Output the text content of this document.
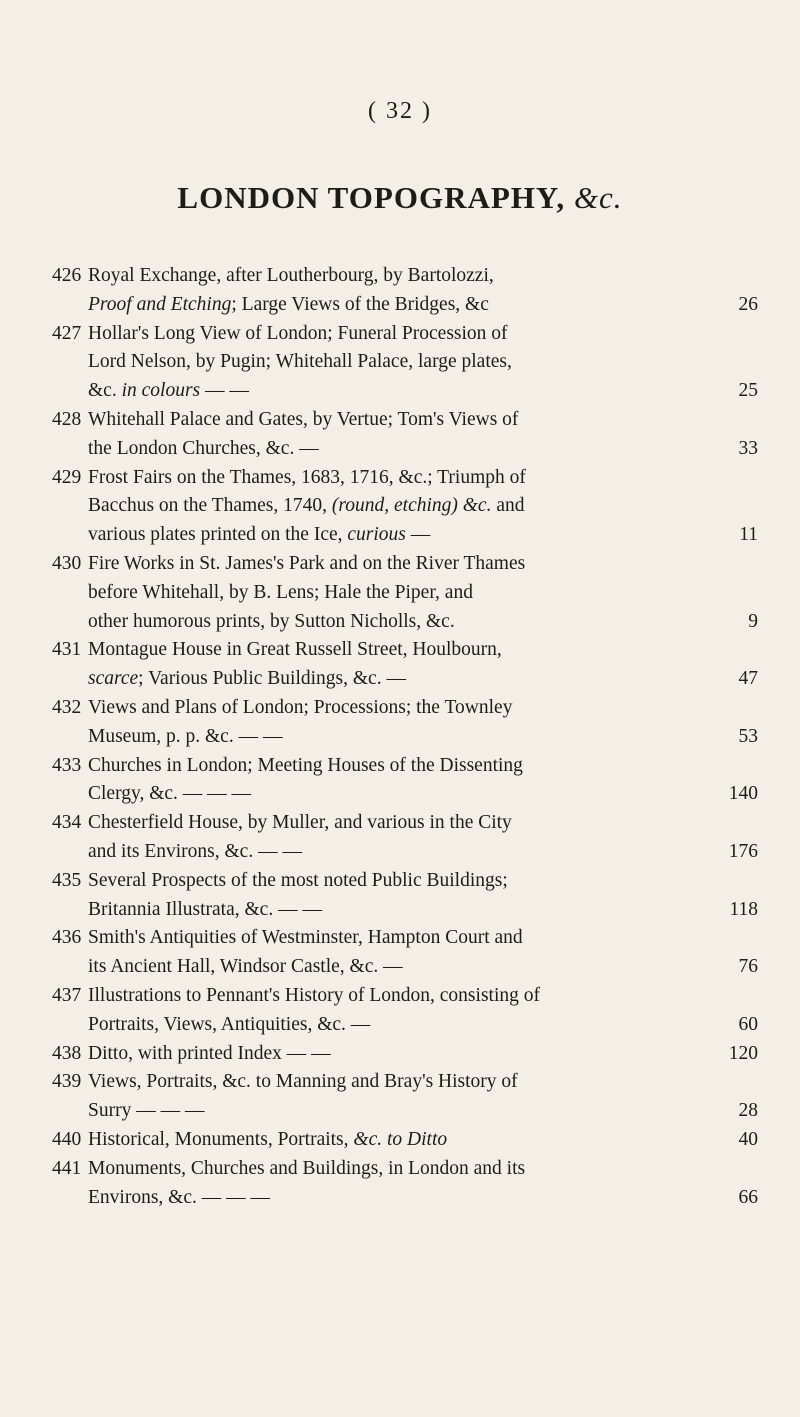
( 32 )
LONDON TOPOGRAPHY, &c.
426 Royal Exchange, after Loutherbourg, by Bartolozzi,
Proof and Etching; Large Views of the Bridges, &c	26
427 Hollar's Long View of London; Funeral Procession of
Lord Nelson, by Pugin; Whitehall Palace, large plates,
&c. in colours — —	25
428 Whitehall Palace and Gates, by Vertue; Tom's Views of
the London Churches, &c. —	33
429 Frost Fairs on the Thames, 1683, 1716, &c.; Triumph of
Bacchus on the Thames, 1740, (round, etching) &c. and
various plates printed on the Ice, curious —	11
430 Fire Works in St. James's Park and on the River Thames
before Whitehall, by B. Lens; Hale the Piper, and
other humorous prints, by Sutton Nicholls, &c.	9
431 Montague House in Great Russell Street, Houlbourn,
scarce; Various Public Buildings, &c. —	47
432 Views and Plans of London; Processions; the Townley
Museum, p. p. &c. — —	53
433 Churches in London; Meeting Houses of the Dissenting
Clergy, &c. — — —	140
434 Chesterfield House, by Muller, and various in the City
and its Environs, &c. — —	176
435 Several Prospects of the most noted Public Buildings;
Britannia Illustrata, &c. — —	118
436 Smith's Antiquities of Westminster, Hampton Court and
its Ancient Hall, Windsor Castle, &c. —	76
437 Illustrations to Pennant's History of London, consisting of
Portraits, Views, Antiquities, &c. —	60
438 Ditto, with printed Index — —	120
439 Views, Portraits, &c. to Manning and Bray's History of
Surry — — —	28
440 Historical, Monuments, Portraits, &c. to Ditto	40
441 Monuments, Churches and Buildings, in London and its
Environs, &c. — — —	66
